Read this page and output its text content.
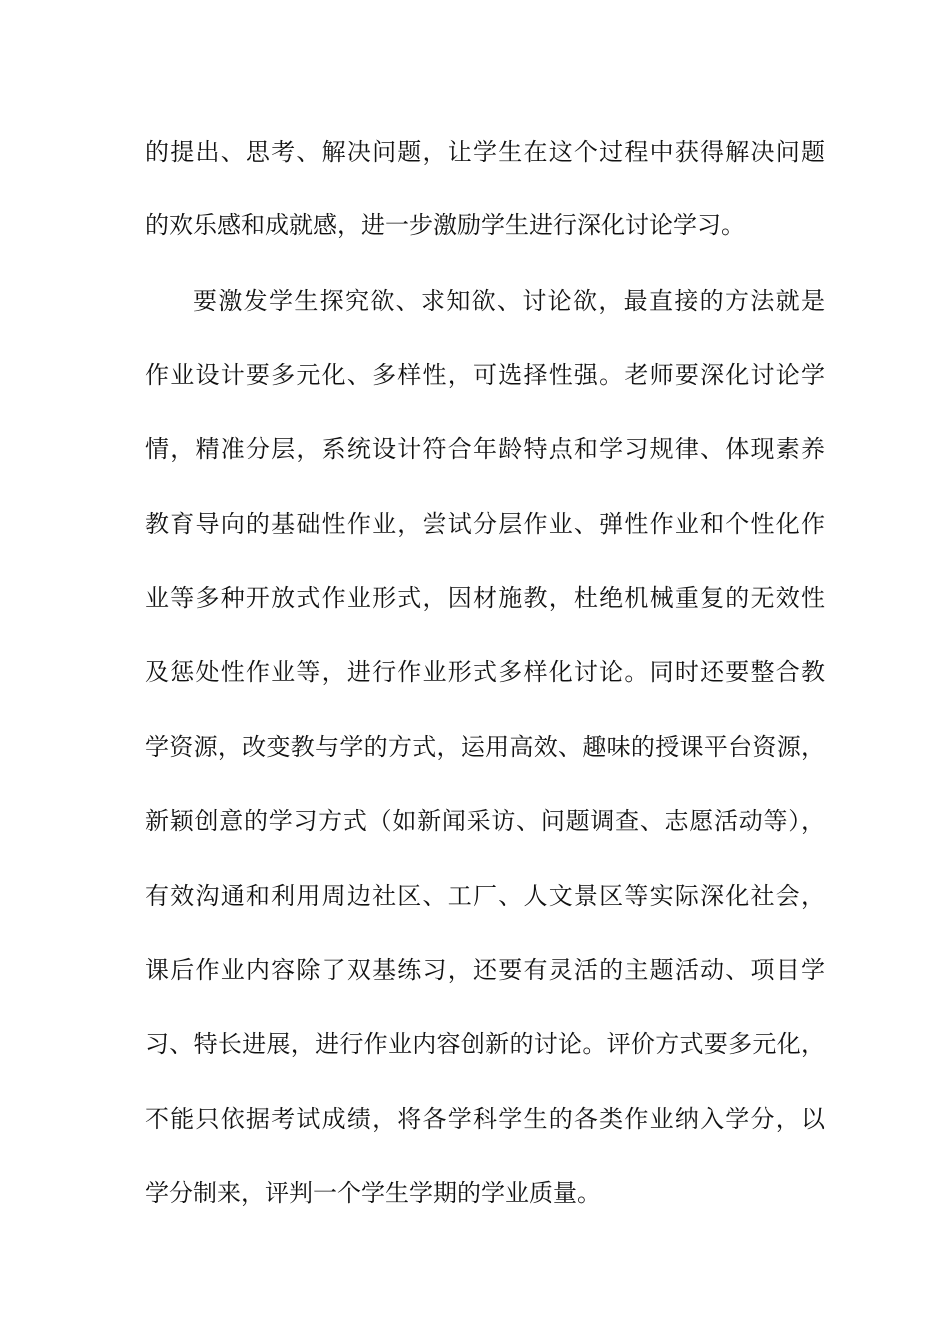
的提出、思考、解决问题，让学生在这个过程中获得解决问题
的欢乐感和成就感，进一步激励学生进行深化讨论学习。
要激发学生探究欲、求知欲、讨论欲，最直接的方法就是
作业设计要多元化、多样性，可选择性强。老师要深化讨论学
情，精准分层，系统设计符合年龄特点和学习规律、体现素养
教育导向的基础性作业，尝试分层作业、弹性作业和个性化作
业等多种开放式作业形式，因材施教，杜绝机械重复的无效性
及惩处性作业等，进行作业形式多样化讨论。同时还要整合教
学资源，改变教与学的方式，运用高效、趣味的授课平台资源，
新颖创意的学习方式（如新闻采访、问题调查、志愿活动等），
有效沟通和利用周边社区、工厂、人文景区等实际深化社会，
课后作业内容除了双基练习，还要有灵活的主题活动、项目学
习、特长进展，进行作业内容创新的讨论。评价方式要多元化，
不能只依据考试成绩，将各学科学生的各类作业纳入学分，以
学分制来，评判一个学生学期的学业质量。
